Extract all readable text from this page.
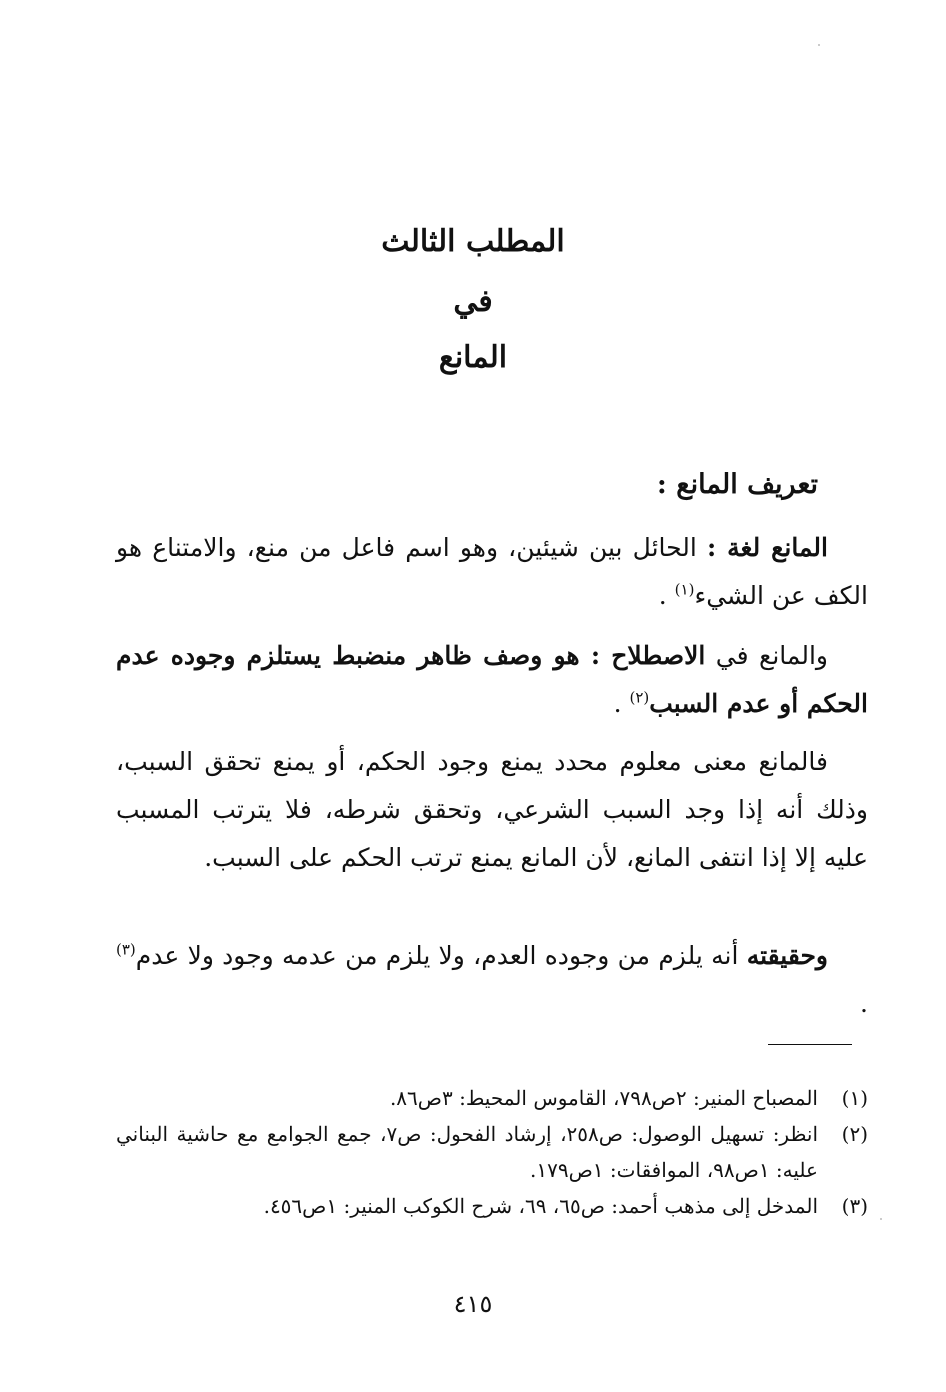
المطلب الثالث
في
المانع
تعريف المانع :

المانع لغة : الحائل بين شيئين، وهو اسم فاعل من منع، والامتناع هو الكف عن الشيء$^{(١)}$ .

والمانع في الاصطلاح : هو وصف ظاهر منضبط يستلزم وجوده عدم الحكم أو عدم السبب$^{(٢)}$ .

فالمانع معنى معلوم محدد يمنع وجود الحكم، أو يمنع تحقق السبب، وذلك أنه إذا وجد السبب الشرعي، وتحقق شرطه، فلا يترتب المسبب عليه إلا إذا انتفى المانع، لأن المانع يمنع ترتب الحكم على السبب.

وحقيقته أنه يلزم من وجوده العدم، ولا يلزم من عدمه وجود ولا عدم$^{(٣)}$ .

(١)
المصباح المنير: ٢ص٧٩٨، القاموس المحيط: ٣ص٨٦.
(٢)
انظر: تسهيل الوصول: ص٢٥٨، إرشاد الفحول: ص٧، جمع الجوامع مع حاشية البناني عليه: ١ص٩٨، الموافقات: ١ص١٧٩.
(٣)
المدخل إلى مذهب أحمد: ص٦٥، ٦٩، شرح الكوكب المنير: ١ص٤٥٦.
٤١٥
